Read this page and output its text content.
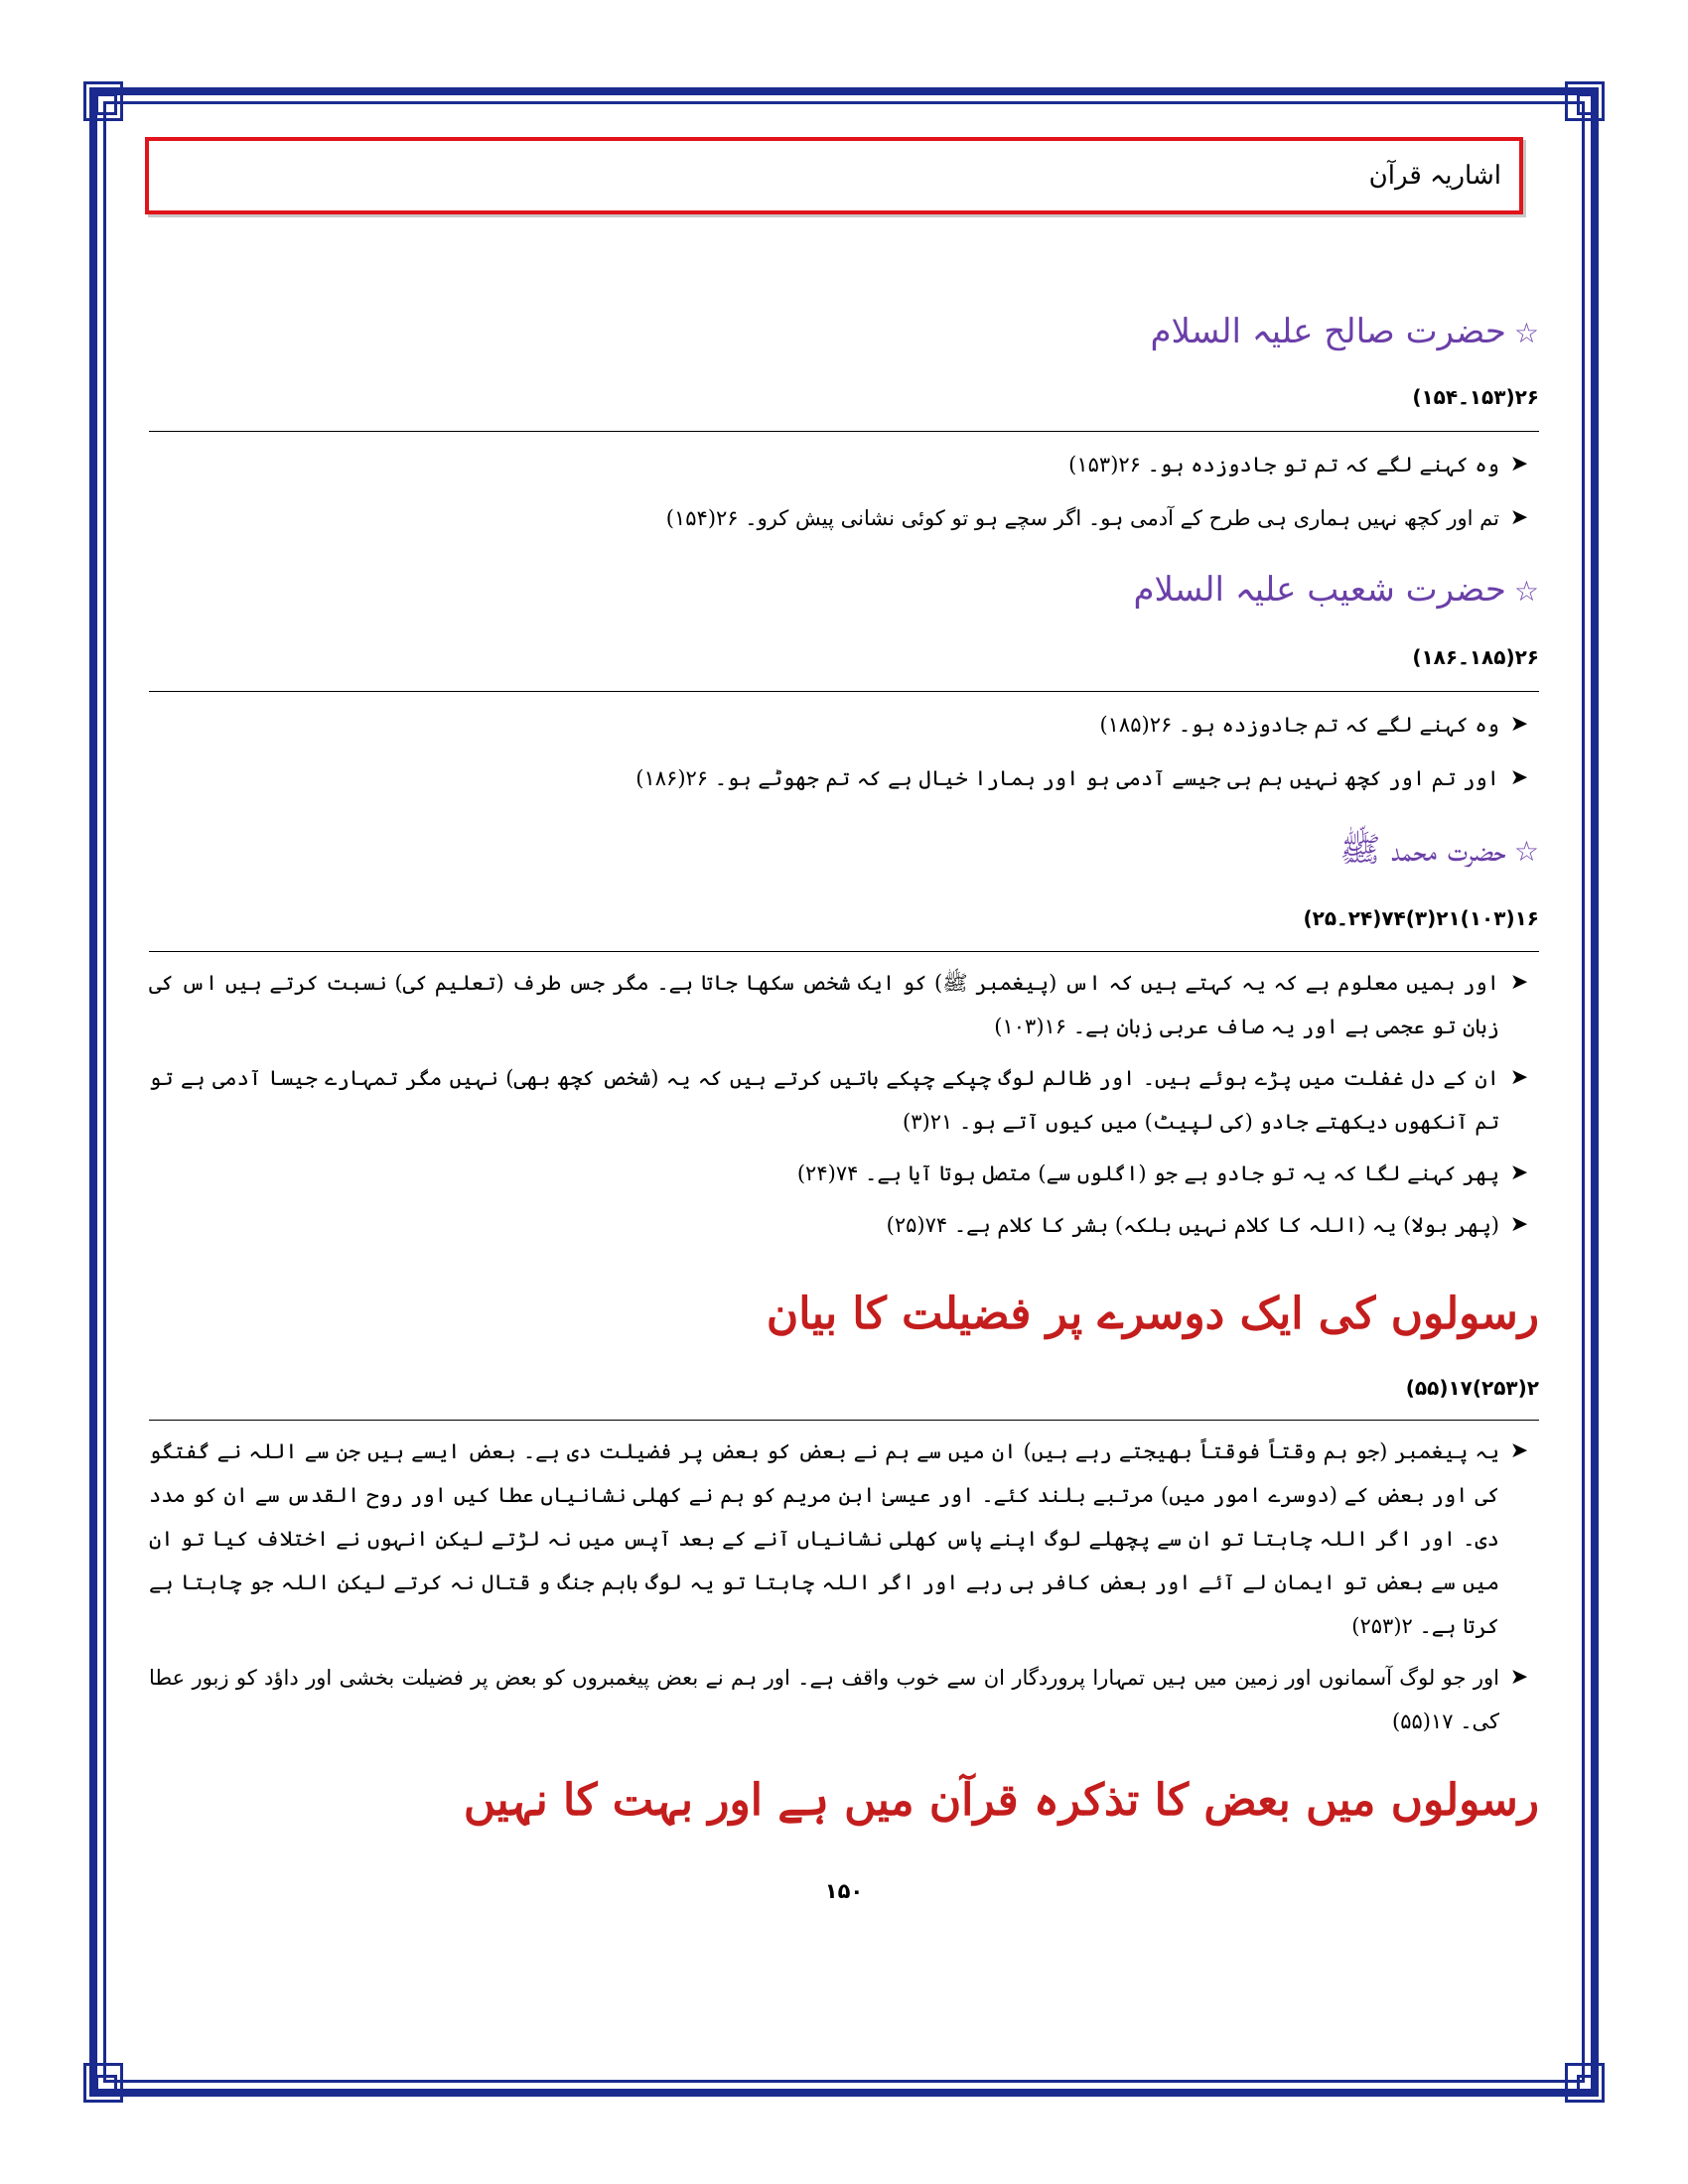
اشاریہ قرآن
☆حضرت صالح علیہ السلام
۲۶(۱۵۳۔۱۵۴)
➤
وہ کہنے لگے کہ تم تو جادوزدہ ہو۔ ۲۶(۱۵۳)
➤
تم اور کچھ نہیں ہماری ہی طرح کے آدمی ہو۔ اگر سچے ہو تو کوئی نشانی پیش کرو۔ ۲۶(۱۵۴)
☆حضرت شعیب علیہ السلام
۲۶(۱۸۵۔۱۸۶)
➤
وہ کہنے لگے کہ تم جادوزدہ ہو۔ ۲۶(۱۸۵)
➤
اور تم اور کچھ نہیں ہم ہی جیسے آدمی ہو اور ہمارا خیال ہے کہ تم جھوٹے ہو۔ ۲۶(۱۸۶)
☆حضرت محمد ﷺ
۱۶(۱۰۳)۲۱(۳)۷۴(۲۴۔۲۵)
➤
اور ہمیں معلوم ہے کہ یہ کہتے ہیں کہ اس (پیغمبر ﷺ) کو ایک شخص سکھا جاتا ہے۔ مگر جس طرف (تعلیم کی) نسبت کرتے ہیں اس کی زبان تو عجمی ہے اور یہ صاف عربی زبان ہے۔ ۱۶(۱۰۳)
➤
ان کے دل غفلت میں پڑے ہوئے ہیں۔ اور ظالم لوگ چپکے چپکے باتیں کرتے ہیں کہ یہ (شخص کچھ بھی) نہیں مگر تمہارے جیسا آدمی ہے تو تم آنکھوں دیکھتے جادو (کی لپیٹ) میں کیوں آتے ہو۔ ۲۱(۳)
➤
پھر کہنے لگا کہ یہ تو جادو ہے جو (اگلوں سے) متصل ہوتا آیا ہے۔ ۷۴(۲۴)
➤
(پھر بولا) یہ (اللہ کا کلام نہیں بلکہ) بشر کا کلام ہے۔ ۷۴(۲۵)
رسولوں کی ایک دوسرے پر فضیلت کا بیان
۲(۲۵۳)۱۷(۵۵)
➤
یہ پیغمبر (جو ہم وقتاً فوقتاً بھیجتے رہے ہیں) ان میں سے ہم نے بعض کو بعض پر فضیلت دی ہے۔ بعض ایسے ہیں جن سے اللہ نے گفتگو کی اور بعض کے (دوسرے امور میں) مرتبے بلند کئے۔ اور عیسیٰ ابن مریم کو ہم نے کھلی نشانیاں عطا کیں اور روح القدس سے ان کو مدد دی۔ اور اگر اللہ چاہتا تو ان سے پچھلے لوگ اپنے پاس کھلی نشانیاں آنے کے بعد آپس میں نہ لڑتے لیکن انہوں نے اختلاف کیا تو ان میں سے بعض تو ایمان لے آئے اور بعض کافر ہی رہے اور اگر اللہ چاہتا تو یہ لوگ باہم جنگ و قتال نہ کرتے لیکن اللہ جو چاہتا ہے کرتا ہے۔ ۲(۲۵۳)
➤
اور جو لوگ آسمانوں اور زمین میں ہیں تمہارا پروردگار ان سے خوب واقف ہے۔ اور ہم نے بعض پیغمبروں کو بعض پر فضیلت بخشی اور داؤد کو زبور عطا کی۔ ۱۷(۵۵)
رسولوں میں بعض کا تذکرہ قرآن میں ہے اور بہت کا نہیں
۱۵۰
